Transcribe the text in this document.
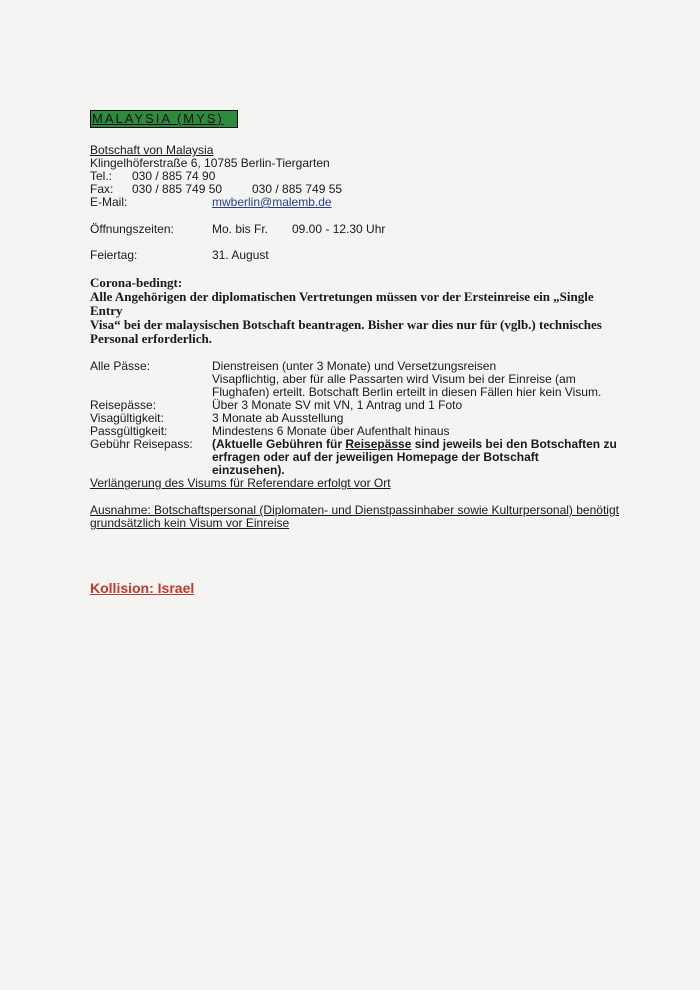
MALAYSIA (MYS)
Botschaft von Malaysia
Klingelhöferstraße 6, 10785 Berlin-Tiergarten
Tel.: 030 / 885 74 90
Fax: 030 / 885 749 50 030 / 885 749 55
E-Mail:	mwberlin@malemb.de
Öffnungszeiten:	Mo. bis Fr. 09.00 - 12.30 Uhr
Feiertag:	31. August
Corona-bedingt:
Alle Angehörigen der diplomatischen Vertretungen müssen vor der Ersteinreise ein „Single
Entry
Visa“ bei der malaysischen Botschaft beantragen. Bisher war dies nur für (vglb.) technisches
Personal erforderlich.
Alle Pässe:	Dienstreisen (unter 3 Monate) und Versetzungsreisen
Visapflichtig, aber für alle Passarten wird Visum bei der Einreise (am
Flughafen) erteilt. Botschaft Berlin erteilt in diesen Fällen hier kein Visum.
Reisepässe:	Über 3 Monate SV mit VN, 1 Antrag und 1 Foto
Visagültigkeit:	3 Monate ab Ausstellung
Passgültigkeit:	Mindestens 6 Monate über Aufenthalt hinaus
Gebühr Reisepass: (Aktuelle Gebühren für Reisepässe sind jeweils bei den Botschaften zu
erfragen oder auf der jeweiligen Homepage der Botschaft
einzusehen).
Verlängerung des Visums für Referendare erfolgt vor Ort
Ausnahme: Botschaftspersonal (Diplomaten- und Dienstpassinhaber sowie Kulturpersonal) benötigt
grundsätzlich kein Visum vor Einreise
Kollision: Israel
